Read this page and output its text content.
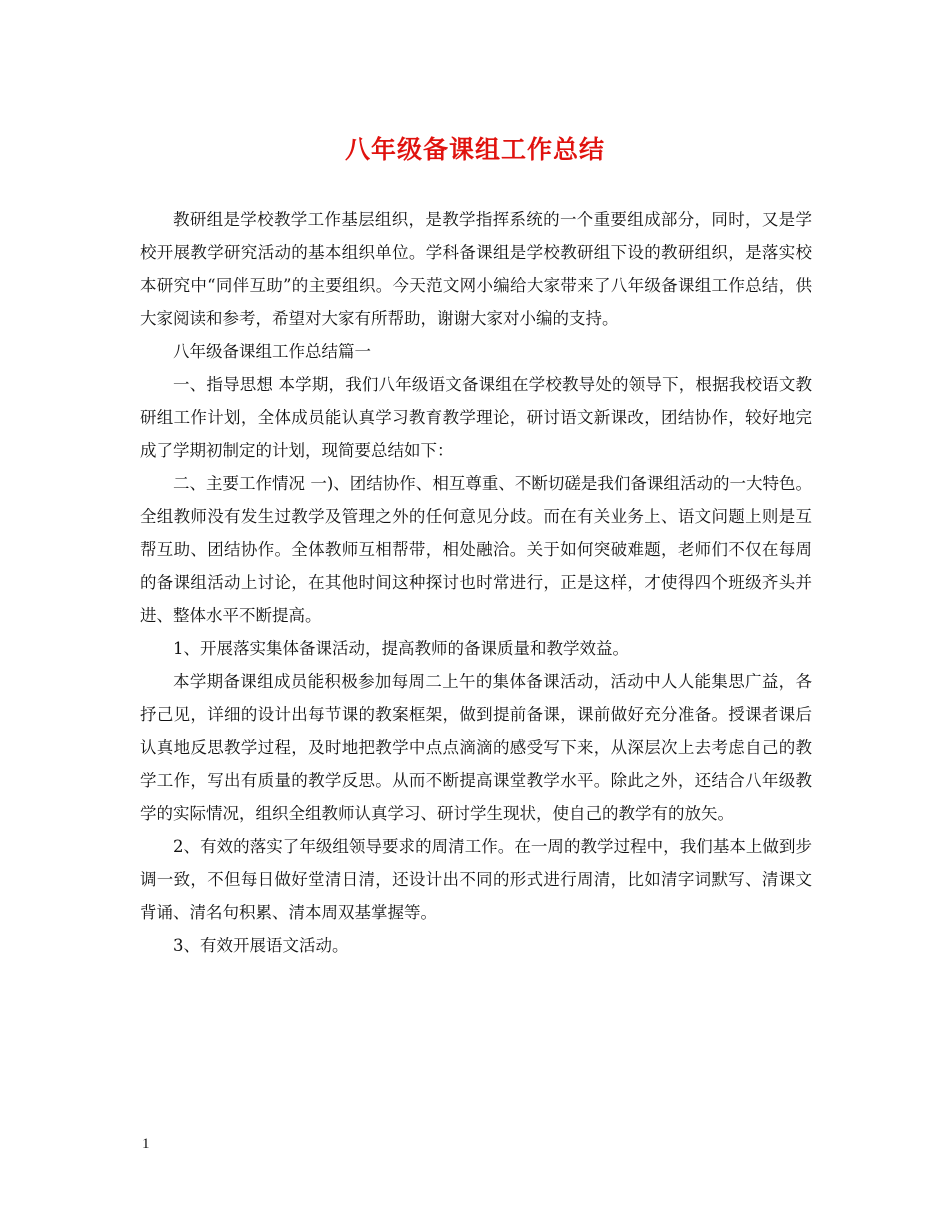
八年级备课组工作总结

教研组是学校教学工作基层组织，是教学指挥系统的一个重要组成部分，同时，又是学校开展教学研究活动的基本组织单位。学科备课组是学校教研组下设的教研组织，是落实校本研究中“同伴互助”的主要组织。今天范文网小编给大家带来了八年级备课组工作总结，供大家阅读和参考，希望对大家有所帮助，谢谢大家对小编的支持。

八年级备课组工作总结篇一

一、指导思想 本学期，我们八年级语文备课组在学校教导处的领导下，根据我校语文教研组工作计划，全体成员能认真学习教育教学理论，研讨语文新课改，团结协作，较好地完成了学期初制定的计划，现简要总结如下：

二、主要工作情况 一)、团结协作、相互尊重、不断切磋是我们备课组活动的一大特色。 全组教师没有发生过教学及管理之外的任何意见分歧。而在有关业务上、语文问题上则是互帮互助、团结协作。全体教师互相帮带，相处融洽。关于如何突破难题，老师们不仅在每周的备课组活动上讨论，在其他时间这种探讨也时常进行，正是这样，才使得四个班级齐头并进、整体水平不断提高。

1、开展落实集体备课活动，提高教师的备课质量和教学效益。

本学期备课组成员能积极参加每周二上午的集体备课活动，活动中人人能集思广益，各抒己见，详细的设计出每节课的教案框架，做到提前备课，课前做好充分准备。授课者课后认真地反思教学过程，及时地把教学中点点滴滴的感受写下来，从深层次上去考虑自己的教学工作，写出有质量的教学反思。从而不断提高课堂教学水平。除此之外，还结合八年级教学的实际情况，组织全组教师认真学习、研讨学生现状，使自己的教学有的放矢。

2、有效的落实了年级组领导要求的周清工作。在一周的教学过程中，我们基本上做到步调一致，不但每日做好堂清日清，还设计出不同的形式进行周清，比如清字词默写、清课文背诵、清名句积累、清本周双基掌握等。

3、有效开展语文活动。

1
